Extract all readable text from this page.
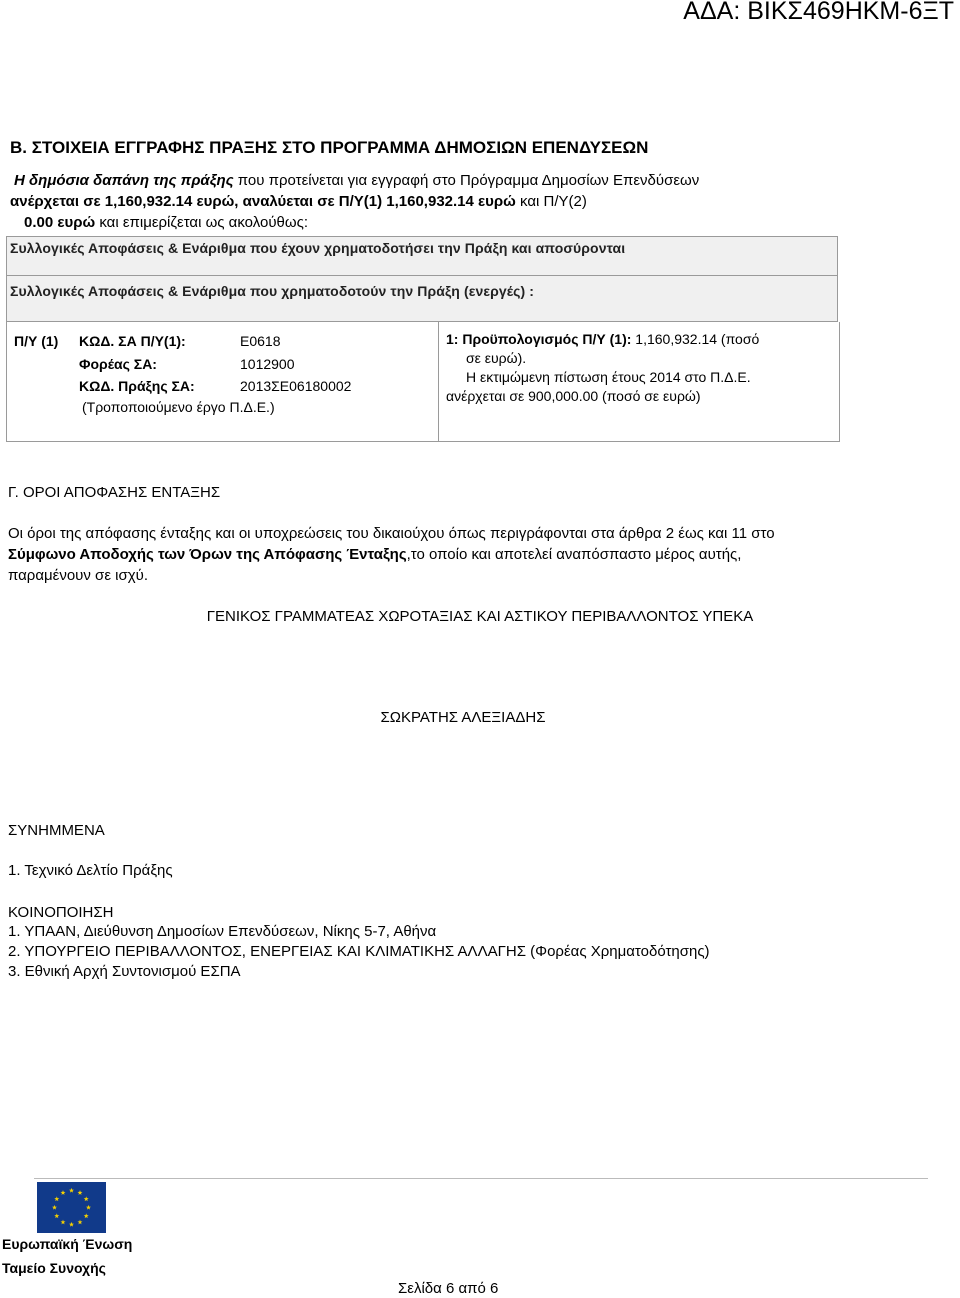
ΑΔΑ: ΒΙΚΣ469ΗΚΜ-6ΞΤ
Β. ΣΤΟΙΧΕΙΑ ΕΓΓΡΑΦΗΣ ΠΡΑΞΗΣ ΣΤΟ ΠΡΟΓΡΑΜΜΑ ΔΗΜΟΣΙΩΝ ΕΠΕΝΔΥΣΕΩΝ
Η δημόσια δαπάνη της πράξης που προτείνεται για εγγραφή στο Πρόγραμμα Δημοσίων Επενδύσεων
ανέρχεται σε 1,160,932.14 ευρώ, αναλύεται σε Π/Υ(1) 1,160,932.14 ευρώ και Π/Υ(2)
0.00 ευρώ και επιμερίζεται ως ακολούθως:
Συλλογικές Αποφάσεις & Ενάριθμα που έχουν χρηματοδοτήσει την Πράξη και αποσύρονται
Συλλογικές Αποφάσεις & Ενάριθμα που χρηματοδοτούν την Πράξη (ενεργές) :
Π/Υ (1) ΚΩΔ. ΣΑ Π/Υ(1):	Ε0618
Φορέας ΣΑ:	1012900
ΚΩΔ. Πράξης ΣΑ:	2013ΣΕ06180002
(Τροποποιούμενο έργο Π.Δ.Ε.)
1: Προϋπολογισμός Π/Υ (1): 1,160,932.14 (ποσό
σε ευρώ).
Η εκτιμώμενη πίστωση έτους 2014 στο Π.Δ.Ε.
ανέρχεται σε 900,000.00 (ποσό σε ευρώ)
Γ. ΟΡΟΙ ΑΠΟΦΑΣΗΣ ΕΝΤΑΞΗΣ
Οι όροι της απόφασης ένταξης και οι υποχρεώσεις του δικαιούχου όπως περιγράφονται στα άρθρα 2 έως και 11 στο
Σύμφωνο Αποδοχής των Όρων της Απόφασης Ένταξης,το οποίο και αποτελεί αναπόσπαστο μέρος αυτής,
παραμένουν σε ισχύ.
ΓΕΝΙΚΟΣ ΓΡΑΜΜΑΤΕΑΣ ΧΩΡΟΤΑΞΙΑΣ ΚΑΙ ΑΣΤΙΚΟΥ ΠΕΡΙΒΑΛΛΟΝΤΟΣ ΥΠΕΚΑ
ΣΩΚΡΑΤΗΣ ΑΛΕΞΙΑΔΗΣ
ΣΥΝΗΜΜΕΝΑ
1. Τεχνικό Δελτίο Πράξης
ΚΟΙΝΟΠΟΙΗΣΗ
1. ΥΠΑΑΝ, Διεύθυνση Δημοσίων Επενδύσεων, Νίκης 5-7, Αθήνα
2. ΥΠΟΥΡΓΕΙΟ ΠΕΡΙΒΑΛΛΟΝΤΟΣ, ΕΝΕΡΓΕΙΑΣ ΚΑΙ ΚΛΙΜΑΤΙΚΗΣ ΑΛΛΑΓΗΣ (Φορέας Χρηματοδότησης)
3. Εθνική Αρχή Συντονισμού ΕΣΠΑ
Ευρωπαϊκή Ένωση
Ταμείο Συνοχής
Σελίδα 6 από 6
